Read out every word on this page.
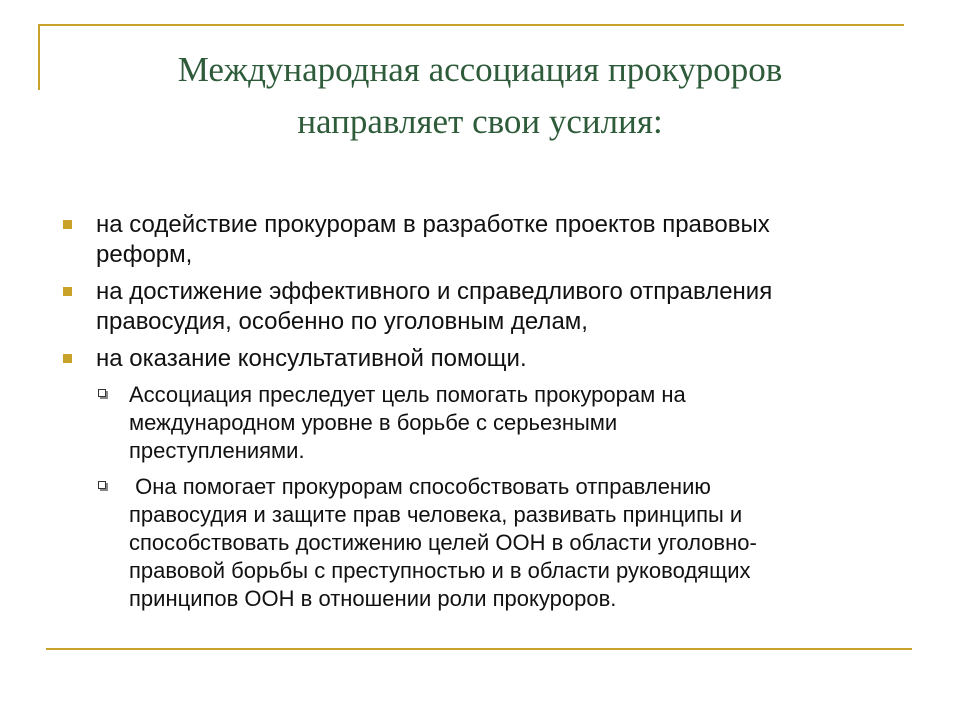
Международная ассоциация прокуроров
направляет свои усилия:
на содействие прокурорам в разработке проектов правовых
реформ,
на достижение эффективного и справедливого отправления
правосудия, особенно по уголовным делам,
на оказание консультативной помощи.
Ассоциация преследует цель помогать прокурорам на
международном уровне в борьбе с серьезными
преступлениями.
Она помогает прокурорам способствовать отправлению
правосудия и защите прав человека, развивать принципы и
способствовать достижению целей ООН в области уголовно-
правовой борьбы с преступностью и в области руководящих
принципов ООН в отношении роли прокуроров.
